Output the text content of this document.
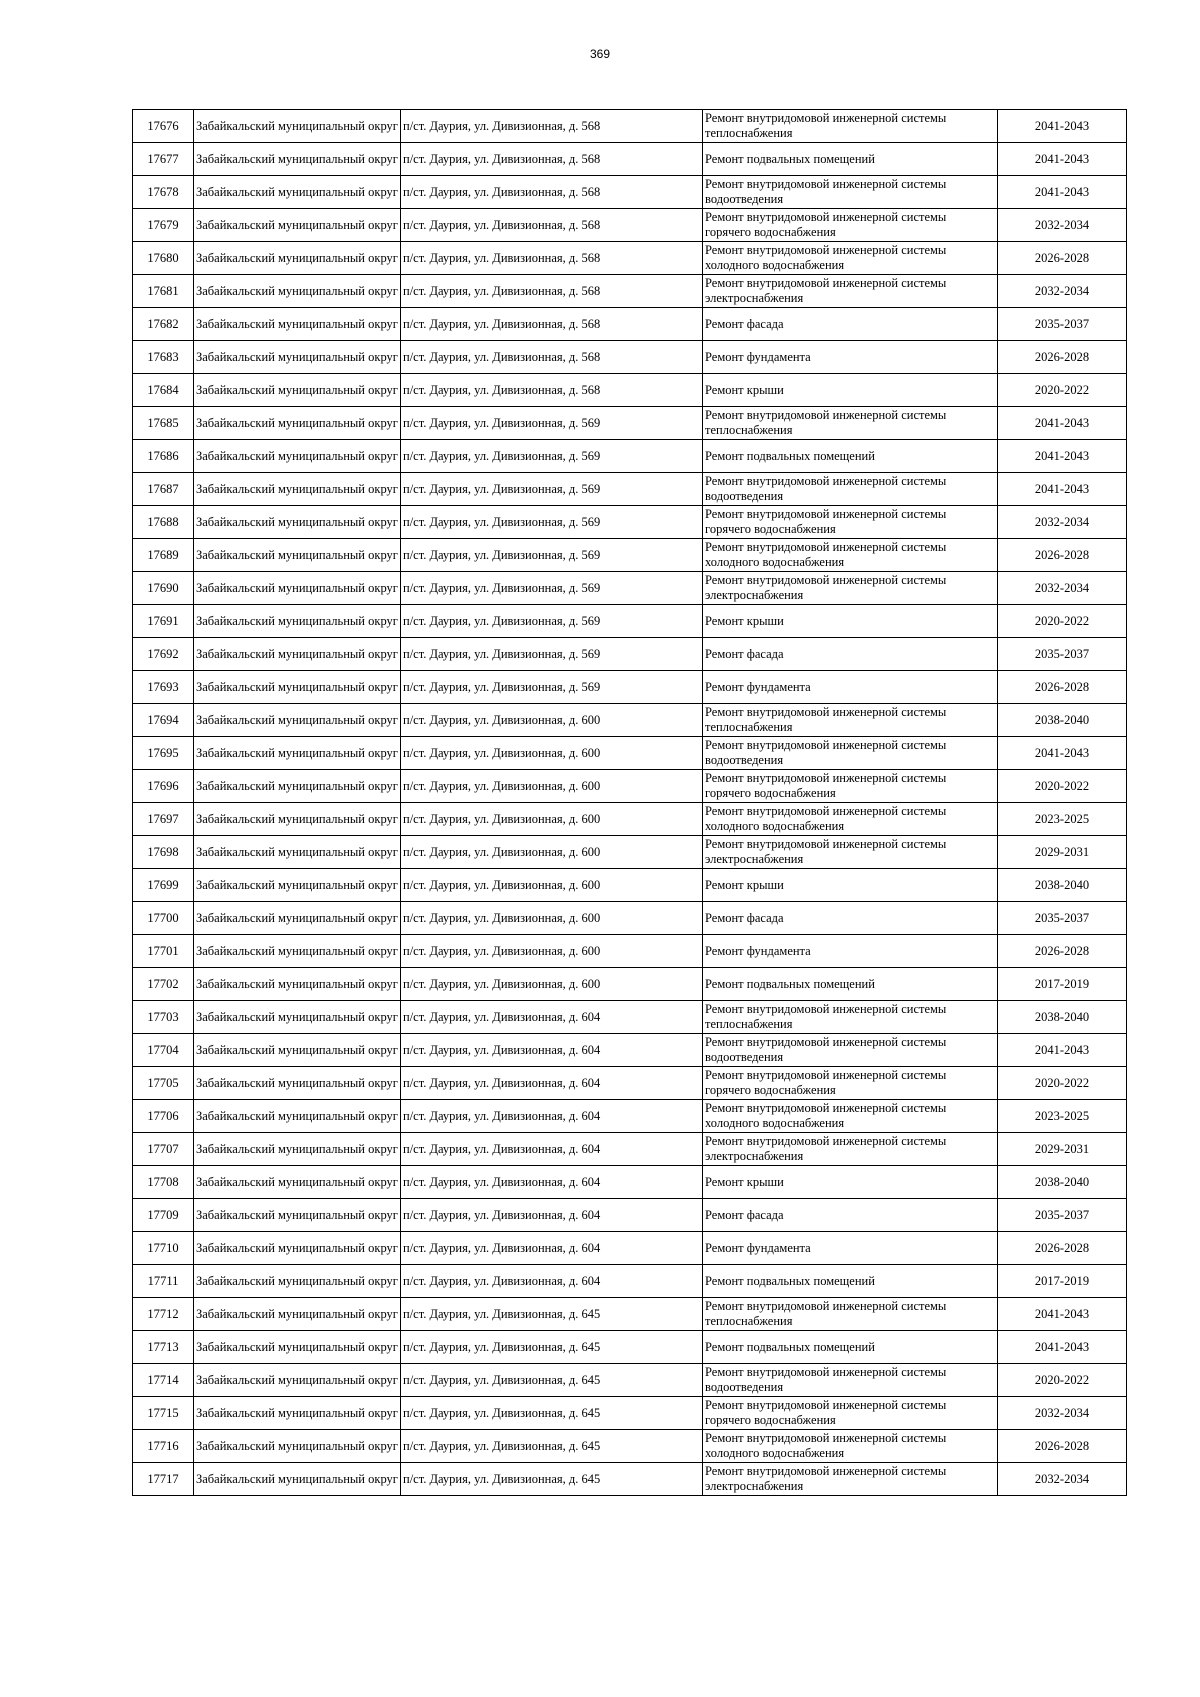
369
17676	Забайкальский муниципальный округ	п/ст. Даурия, ул. Дивизионная, д. 568	Ремонт внутридомовой инженерной системы теплоснабжения	2041-2043
17677	Забайкальский муниципальный округ	п/ст. Даурия, ул. Дивизионная, д. 568	Ремонт подвальных помещений	2041-2043
17678	Забайкальский муниципальный округ	п/ст. Даурия, ул. Дивизионная, д. 568	Ремонт внутридомовой инженерной системы водоотведения	2041-2043
17679	Забайкальский муниципальный округ	п/ст. Даурия, ул. Дивизионная, д. 568	Ремонт внутридомовой инженерной системы горячего водоснабжения	2032-2034
17680	Забайкальский муниципальный округ	п/ст. Даурия, ул. Дивизионная, д. 568	Ремонт внутридомовой инженерной системы холодного водоснабжения	2026-2028
17681	Забайкальский муниципальный округ	п/ст. Даурия, ул. Дивизионная, д. 568	Ремонт внутридомовой инженерной системы электроснабжения	2032-2034
17682	Забайкальский муниципальный округ	п/ст. Даурия, ул. Дивизионная, д. 568	Ремонт фасада	2035-2037
17683	Забайкальский муниципальный округ	п/ст. Даурия, ул. Дивизионная, д. 568	Ремонт фундамента	2026-2028
17684	Забайкальский муниципальный округ	п/ст. Даурия, ул. Дивизионная, д. 568	Ремонт крыши	2020-2022
17685	Забайкальский муниципальный округ	п/ст. Даурия, ул. Дивизионная, д. 569	Ремонт внутридомовой инженерной системы теплоснабжения	2041-2043
17686	Забайкальский муниципальный округ	п/ст. Даурия, ул. Дивизионная, д. 569	Ремонт подвальных помещений	2041-2043
17687	Забайкальский муниципальный округ	п/ст. Даурия, ул. Дивизионная, д. 569	Ремонт внутридомовой инженерной системы водоотведения	2041-2043
17688	Забайкальский муниципальный округ	п/ст. Даурия, ул. Дивизионная, д. 569	Ремонт внутридомовой инженерной системы горячего водоснабжения	2032-2034
17689	Забайкальский муниципальный округ	п/ст. Даурия, ул. Дивизионная, д. 569	Ремонт внутридомовой инженерной системы холодного водоснабжения	2026-2028
17690	Забайкальский муниципальный округ	п/ст. Даурия, ул. Дивизионная, д. 569	Ремонт внутридомовой инженерной системы электроснабжения	2032-2034
17691	Забайкальский муниципальный округ	п/ст. Даурия, ул. Дивизионная, д. 569	Ремонт крыши	2020-2022
17692	Забайкальский муниципальный округ	п/ст. Даурия, ул. Дивизионная, д. 569	Ремонт фасада	2035-2037
17693	Забайкальский муниципальный округ	п/ст. Даурия, ул. Дивизионная, д. 569	Ремонт фундамента	2026-2028
17694	Забайкальский муниципальный округ	п/ст. Даурия, ул. Дивизионная, д. 600	Ремонт внутридомовой инженерной системы теплоснабжения	2038-2040
17695	Забайкальский муниципальный округ	п/ст. Даурия, ул. Дивизионная, д. 600	Ремонт внутридомовой инженерной системы водоотведения	2041-2043
17696	Забайкальский муниципальный округ	п/ст. Даурия, ул. Дивизионная, д. 600	Ремонт внутридомовой инженерной системы горячего водоснабжения	2020-2022
17697	Забайкальский муниципальный округ	п/ст. Даурия, ул. Дивизионная, д. 600	Ремонт внутридомовой инженерной системы холодного водоснабжения	2023-2025
17698	Забайкальский муниципальный округ	п/ст. Даурия, ул. Дивизионная, д. 600	Ремонт внутридомовой инженерной системы электроснабжения	2029-2031
17699	Забайкальский муниципальный округ	п/ст. Даурия, ул. Дивизионная, д. 600	Ремонт крыши	2038-2040
17700	Забайкальский муниципальный округ	п/ст. Даурия, ул. Дивизионная, д. 600	Ремонт фасада	2035-2037
17701	Забайкальский муниципальный округ	п/ст. Даурия, ул. Дивизионная, д. 600	Ремонт фундамента	2026-2028
17702	Забайкальский муниципальный округ	п/ст. Даурия, ул. Дивизионная, д. 600	Ремонт подвальных помещений	2017-2019
17703	Забайкальский муниципальный округ	п/ст. Даурия, ул. Дивизионная, д. 604	Ремонт внутридомовой инженерной системы теплоснабжения	2038-2040
17704	Забайкальский муниципальный округ	п/ст. Даурия, ул. Дивизионная, д. 604	Ремонт внутридомовой инженерной системы водоотведения	2041-2043
17705	Забайкальский муниципальный округ	п/ст. Даурия, ул. Дивизионная, д. 604	Ремонт внутридомовой инженерной системы горячего водоснабжения	2020-2022
17706	Забайкальский муниципальный округ	п/ст. Даурия, ул. Дивизионная, д. 604	Ремонт внутридомовой инженерной системы холодного водоснабжения	2023-2025
17707	Забайкальский муниципальный округ	п/ст. Даурия, ул. Дивизионная, д. 604	Ремонт внутридомовой инженерной системы электроснабжения	2029-2031
17708	Забайкальский муниципальный округ	п/ст. Даурия, ул. Дивизионная, д. 604	Ремонт крыши	2038-2040
17709	Забайкальский муниципальный округ	п/ст. Даурия, ул. Дивизионная, д. 604	Ремонт фасада	2035-2037
17710	Забайкальский муниципальный округ	п/ст. Даурия, ул. Дивизионная, д. 604	Ремонт фундамента	2026-2028
17711	Забайкальский муниципальный округ	п/ст. Даурия, ул. Дивизионная, д. 604	Ремонт подвальных помещений	2017-2019
17712	Забайкальский муниципальный округ	п/ст. Даурия, ул. Дивизионная, д. 645	Ремонт внутридомовой инженерной системы теплоснабжения	2041-2043
17713	Забайкальский муниципальный округ	п/ст. Даурия, ул. Дивизионная, д. 645	Ремонт подвальных помещений	2041-2043
17714	Забайкальский муниципальный округ	п/ст. Даурия, ул. Дивизионная, д. 645	Ремонт внутридомовой инженерной системы водоотведения	2020-2022
17715	Забайкальский муниципальный округ	п/ст. Даурия, ул. Дивизионная, д. 645	Ремонт внутридомовой инженерной системы горячего водоснабжения	2032-2034
17716	Забайкальский муниципальный округ	п/ст. Даурия, ул. Дивизионная, д. 645	Ремонт внутридомовой инженерной системы холодного водоснабжения	2026-2028
17717	Забайкальский муниципальный округ	п/ст. Даурия, ул. Дивизионная, д. 645	Ремонт внутридомовой инженерной системы электроснабжения	2032-2034
